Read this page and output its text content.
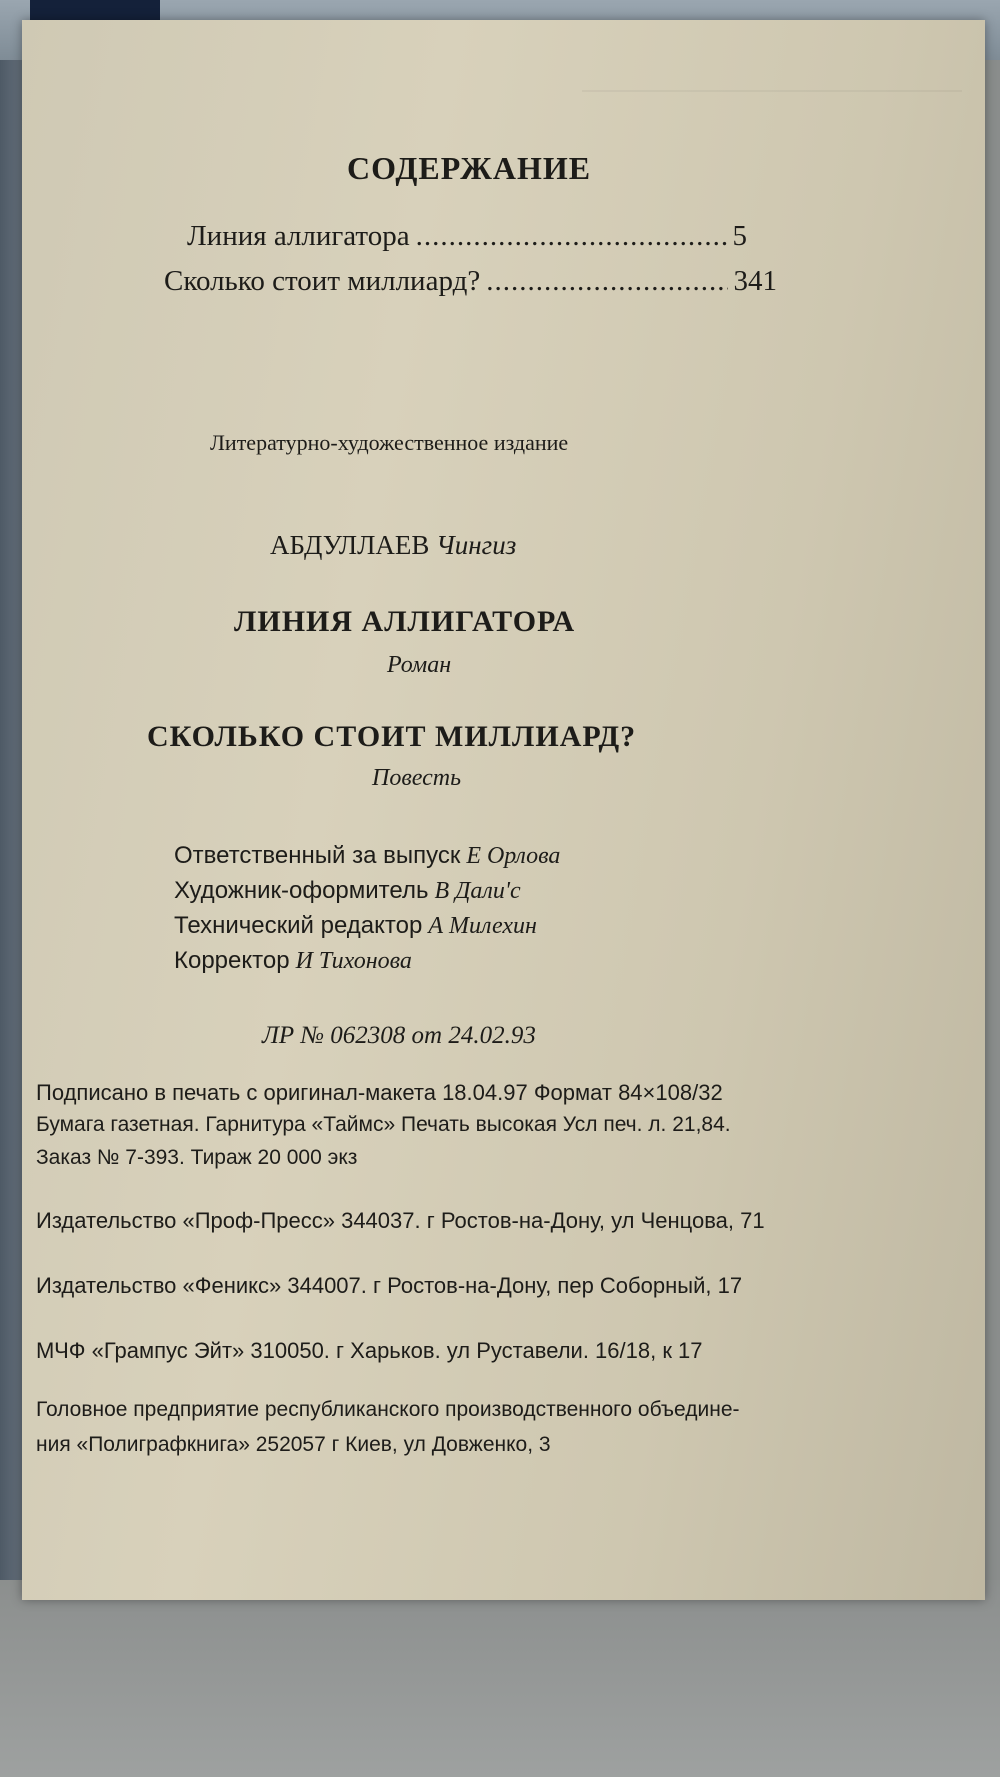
СОДЕРЖАНИЕ
Линия аллигатора .....	5
Сколько стоит миллиард? .....	341
Литературно-художественное издание
АБДУЛЛАЕВ Чингиз
ЛИНИЯ АЛЛИГАТОРА
Роман
СКОЛЬКО СТОИТ МИЛЛИАРД?
Повесть
Ответственный за выпуск Е Орлова
Художник-оформитель В Дали'с
Технический редактор А Милехин
Корректор И Тихонова
ЛР № 062308 от 24.02.93
Подписано в печать с оригинал-макета 18.04.97 Формат 84×108/32
Бумага газетная. Гарнитура «Таймс» Печать высокая Усл печ. л. 21,84.
Заказ № 7-393. Тираж 20 000 экз
Издательство «Проф-Пресс» 344037. г Ростов-на-Дону, ул Ченцова, 71
Издательство «Феникс» 344007. г Ростов-на-Дону, пер Соборный, 17
МЧФ «Грампус Эйт» 310050. г Харьков. ул Руставели. 16/18, к 17
Головное предприятие республиканского производственного объедине-
ния «Полиграфкнига» 252057 г Киев, ул Довженко, 3
